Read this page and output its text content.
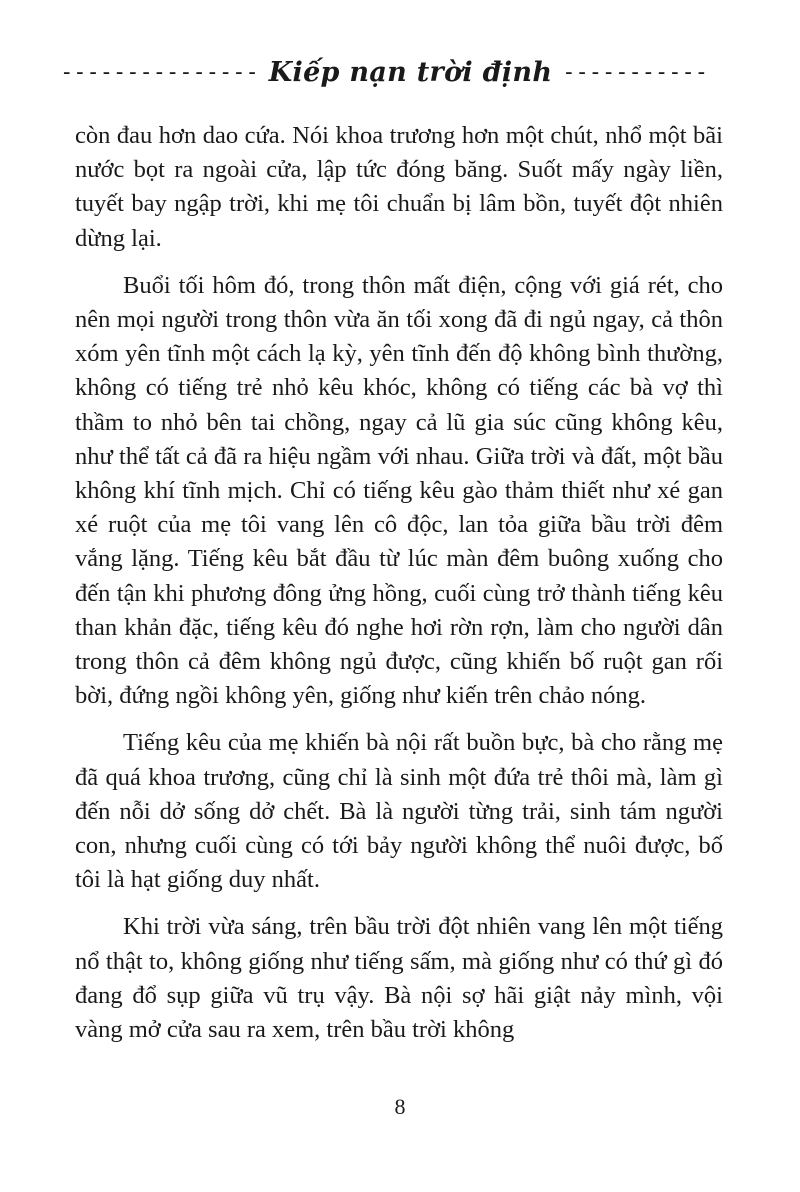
--------------- Kiếp nạn trời định -----------

còn đau hơn dao cứa. Nói khoa trương hơn một chút, nhổ một bãi nước bọt ra ngoài cửa, lập tức đóng băng. Suốt mấy ngày liền, tuyết bay ngập trời, khi mẹ tôi chuẩn bị lâm bồn, tuyết đột nhiên dừng lại.

Buổi tối hôm đó, trong thôn mất điện, cộng với giá rét, cho nên mọi người trong thôn vừa ăn tối xong đã đi ngủ ngay, cả thôn xóm yên tĩnh một cách lạ kỳ, yên tĩnh đến độ không bình thường, không có tiếng trẻ nhỏ kêu khóc, không có tiếng các bà vợ thì thầm to nhỏ bên tai chồng, ngay cả lũ gia súc cũng không kêu, như thể tất cả đã ra hiệu ngầm với nhau. Giữa trời và đất, một bầu không khí tĩnh mịch. Chỉ có tiếng kêu gào thảm thiết như xé gan xé ruột của mẹ tôi vang lên cô độc, lan tỏa giữa bầu trời đêm vắng lặng. Tiếng kêu bắt đầu từ lúc màn đêm buông xuống cho đến tận khi phương đông ửng hồng, cuối cùng trở thành tiếng kêu than khản đặc, tiếng kêu đó nghe hơi rờn rợn, làm cho người dân trong thôn cả đêm không ngủ được, cũng khiến bố ruột gan rối bời, đứng ngồi không yên, giống như kiến trên chảo nóng.

Tiếng kêu của mẹ khiến bà nội rất buồn bực, bà cho rằng mẹ đã quá khoa trương, cũng chỉ là sinh một đứa trẻ thôi mà, làm gì đến nỗi dở sống dở chết. Bà là người từng trải, sinh tám người con, nhưng cuối cùng có tới bảy người không thể nuôi được, bố tôi là hạt giống duy nhất.

Khi trời vừa sáng, trên bầu trời đột nhiên vang lên một tiếng nổ thật to, không giống như tiếng sấm, mà giống như có thứ gì đó đang đổ sụp giữa vũ trụ vậy. Bà nội sợ hãi giật nảy mình, vội vàng mở cửa sau ra xem, trên bầu trời không

8
